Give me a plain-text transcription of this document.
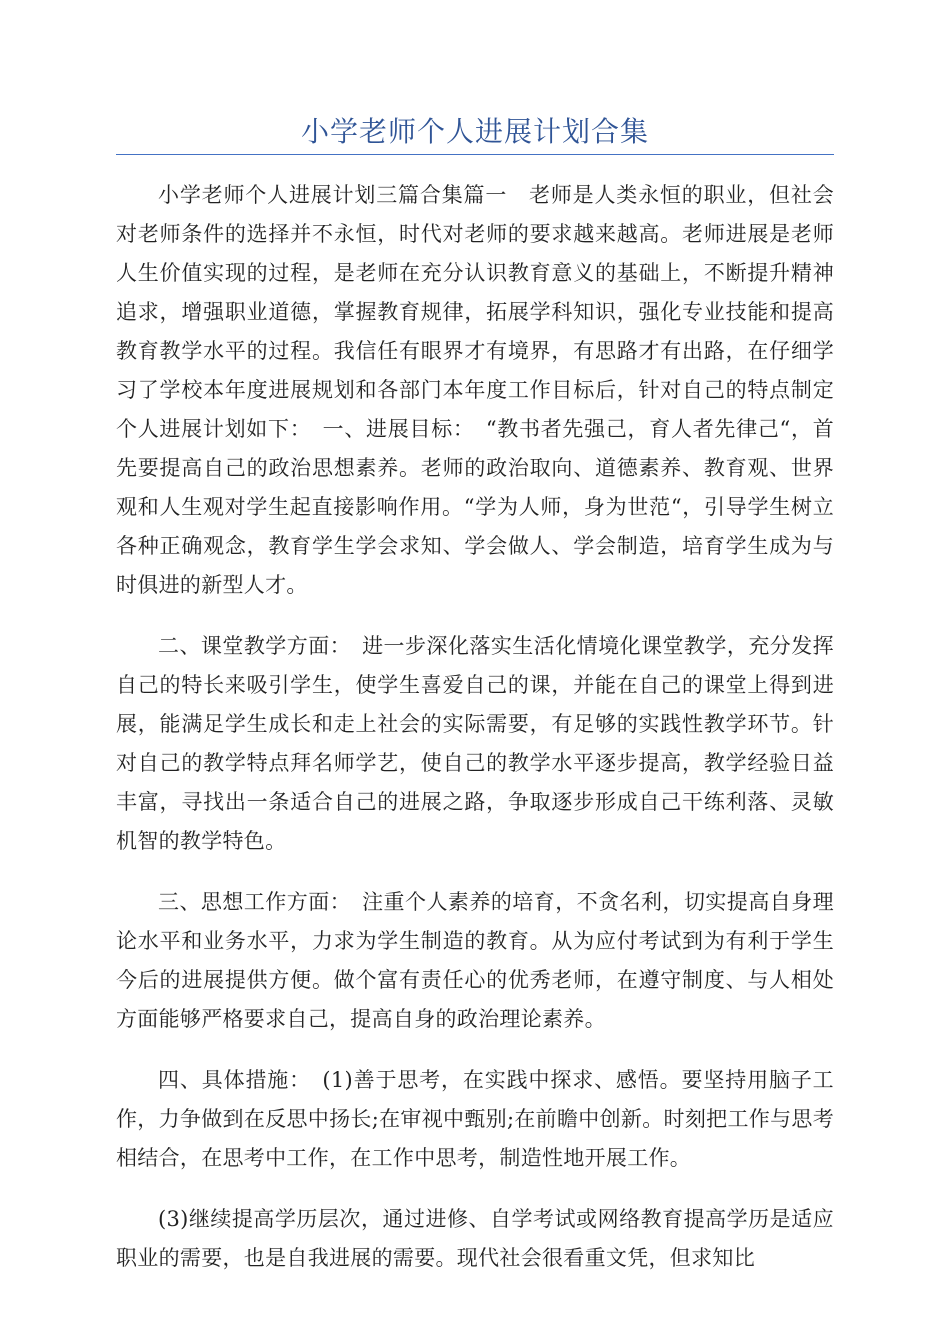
小学老师个人进展计划合集

小学老师个人进展计划三篇合集篇一　老师是人类永恒的职业，但社会对老师条件的选择并不永恒，时代对老师的要求越来越高。老师进展是老师人生价值实现的过程，是老师在充分认识教育意义的基础上，不断提升精神追求，增强职业道德，掌握教育规律，拓展学科知识，强化专业技能和提高教育教学水平的过程。我信任有眼界才有境界，有思路才有出路，在仔细学习了学校本年度进展规划和各部门本年度工作目标后，针对自己的特点制定个人进展计划如下：　一、进展目标：　“教书者先强己，育人者先律己“，首先要提高自己的政治思想素养。老师的政治取向、道德素养、教育观、世界观和人生观对学生起直接影响作用。“学为人师，身为世范“，引导学生树立各种正确观念，教育学生学会求知、学会做人、学会制造，培育学生成为与时俱进的新型人才。

二、课堂教学方面：　进一步深化落实生活化情境化课堂教学，充分发挥自己的特长来吸引学生，使学生喜爱自己的课，并能在自己的课堂上得到进展，能满足学生成长和走上社会的实际需要，有足够的实践性教学环节。针对自己的教学特点拜名师学艺，使自己的教学水平逐步提高，教学经验日益丰富，寻找出一条适合自己的进展之路，争取逐步形成自己干练利落、灵敏机智的教学特色。

三、思想工作方面：　注重个人素养的培育，不贪名利，切实提高自身理论水平和业务水平，力求为学生制造的教育。从为应付考试到为有利于学生今后的进展提供方便。做个富有责任心的优秀老师，在遵守制度、与人相处方面能够严格要求自己，提高自身的政治理论素养。

四、具体措施：　(1)善于思考，在实践中探求、感悟。要坚持用脑子工作，力争做到在反思中扬长;在审视中甄别;在前瞻中创新。时刻把工作与思考相结合，在思考中工作，在工作中思考，制造性地开展工作。

(3)继续提高学历层次，通过进修、自学考试或网络教育提高学历是适应职业的需要，也是自我进展的需要。现代社会很看重文凭，但求知比
